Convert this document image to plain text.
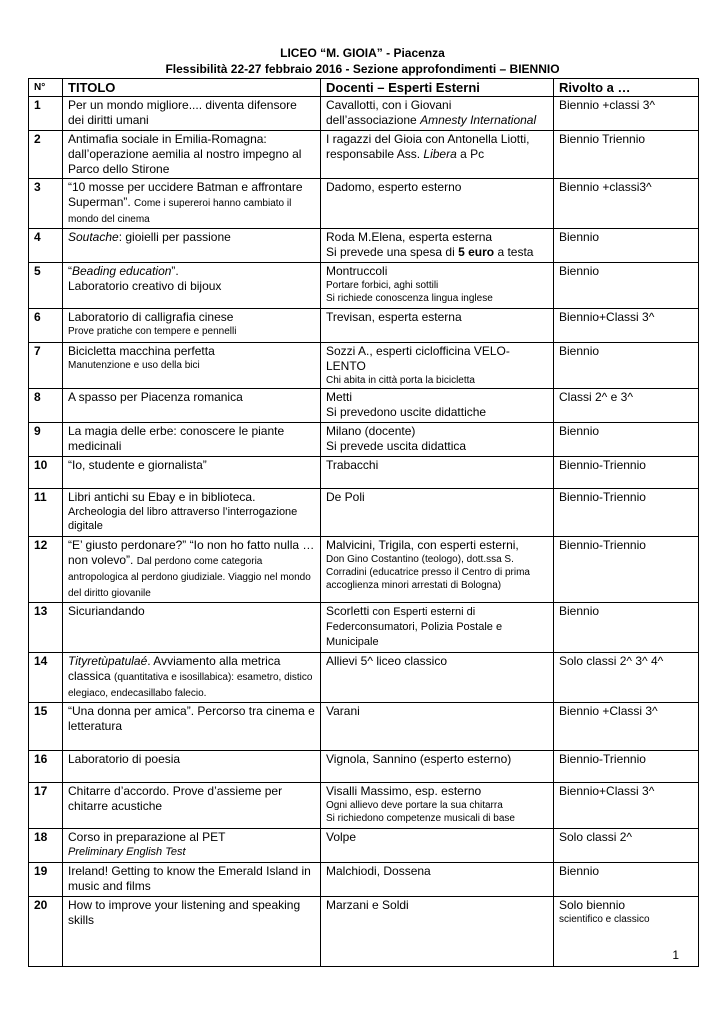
LICEO “M. GIOIA” - Piacenza
Flessibilità 22-27 febbraio 2016 - Sezione approfondimenti – BIENNIO
N°	TITOLO	Docenti – Esperti Esterni	Rivolto a …
1	Per un mondo migliore.... diventa difensore dei diritti umani	Cavallotti, con i Giovani
dell’associazione Amnesty International	Biennio +classi 3^
2	Antimafia sociale in Emilia-Romagna: dall’operazione aemilia al nostro impegno al Parco dello Stirone	I ragazzi del Gioia con Antonella Liotti, responsabile Ass. Libera a Pc	Biennio Triennio
3	“10 mosse per uccidere Batman e affrontare Superman”. Come i supereroi hanno cambiato il mondo del cinema	Dadomo, esperto esterno	Biennio +classi3^
4	Soutache: gioielli per passione	Roda M.Elena, esperta esterna
Si prevede una spesa di 5 euro a testa	Biennio
5	“Beading education”.
Laboratorio creativo di bijoux	Montruccoli
Portare forbici, aghi sottili
Si richiede conoscenza lingua inglese	Biennio
6	Laboratorio di calligrafia cinese
Prove pratiche con tempere e pennelli	Trevisan, esperta esterna	Biennio+Classi 3^
7	Bicicletta macchina perfetta
Manutenzione e uso della bici	Sozzi A., esperti ciclofficina VELO-LENTO
Chi abita in città porta la bicicletta	Biennio
8	A spasso per Piacenza romanica	Metti
Si prevedono uscite didattiche	Classi 2^ e 3^
9	La magia delle erbe: conoscere le piante medicinali	Milano (docente)
Si prevede uscita didattica	Biennio
10	“Io, studente e giornalista”	Trabacchi	Biennio-Triennio
11	Libri antichi su Ebay e in biblioteca.
Archeologia del libro attraverso l’interrogazione digitale	De Poli	Biennio-Triennio
12	“E’ giusto perdonare?” “Io non ho fatto nulla … non volevo”. Dal perdono come categoria antropologica al perdono giudiziale. Viaggio nel mondo del diritto giovanile	Malvicini, Trigila, con esperti esterni,
Don Gino Costantino (teologo), dott.ssa S. Corradini (educatrice presso il Centro di prima accoglienza minori arrestati di Bologna)	Biennio-Triennio
13	Sicuriandando	Scorletti con Esperti esterni di Federconsumatori, Polizia Postale e Municipale	Biennio
14	Tityretùpatulaé. Avviamento alla metrica classica (quantitativa e isosillabica): esametro, distico elegiaco, endecasillabo falecio.	Allievi 5^ liceo classico	Solo classi 2^ 3^ 4^
15	“Una donna per amica”. Percorso tra cinema e letteratura	Varani	Biennio +Classi 3^
16	Laboratorio di poesia	Vignola, Sannino (esperto esterno)	Biennio-Triennio
17	Chitarre d’accordo. Prove d’assieme per chitarre acustiche	Visalli Massimo, esp. esterno
Ogni allievo deve portare la sua chitarra
Si richiedono competenze musicali di base	Biennio+Classi 3^
18	Corso in preparazione al PET
Preliminary English Test	Volpe	Solo classi 2^
19	Ireland! Getting to know the Emerald Island in music and films	Malchiodi, Dossena	Biennio
20	How to improve your listening and speaking skills	Marzani e Soldi	Solo biennio
scientifico e classico
1
